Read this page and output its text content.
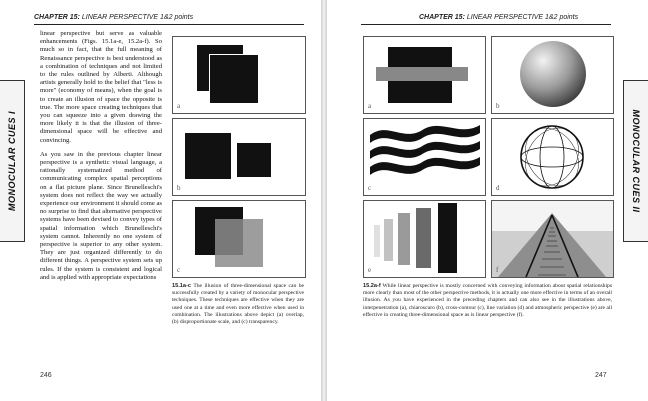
CHAPTER 15: LINEAR PERSPECTIVE 1&2 points
MONOCULAR CUES I

linear perspective but serve as valuable enhancements (Figs. 15.1a-e, 15.2a-f). So much so in fact, that the full meaning of Renaissance perspective is best understood as a combination of techniques and not limited to the rules outlined by Alberti. Although artists generally hold to the belief that "less is more" (economy of means), when the goal is to create an illusion of space the opposite is true. The more space creating techniques that you can squeeze into a given drawing the more likely it is that the illusion of three-dimensional space will be effective and convincing.

As you saw in the previous chapter linear perspective is a synthetic visual language, a rationally systematized method of communicating complex spatial perceptions on a flat picture plane. Since Brunelleschi's system does not reflect the way we actually experience our environment it should come as no surprise to find that alternative perspective systems have been devised to convey types of spatial information which Brunelleschi's system cannot. Inherently no one system of perspective is superior to any other system. They are just organized differently to do different things. A perspective system sets up rules. If the system is consistent and logical and is applied with appropriate expectations

a
b
c
15.1a-c The illusion of three-dimensional space can be successfully created by a variety of monocular perspective techniques. These techniques are effective when they are used one at a time and even more effective when used in combination. The illustrations above depict (a) overlap, (b) disproportionate scale, and (c) transparency.
246
CHAPTER 15: LINEAR PERSPECTIVE 1&2 points
MONOCULAR CUES II
a	b
c	d
e	f
15.2a-f While linear perspective is mostly concerned with conveying information about spatial relationships more clearly than most of the other perspective methods, it is actually one more effective in terms of an overall illusion. As you have experienced in the preceding chapters and can also see in the illustrations above, interpenetration (a), chiaroscuro (b), cross-contour (c), line variation (d) and atmospheric perspective (e) are all effective in creating three-dimensional space as is linear perspective (f).
247
